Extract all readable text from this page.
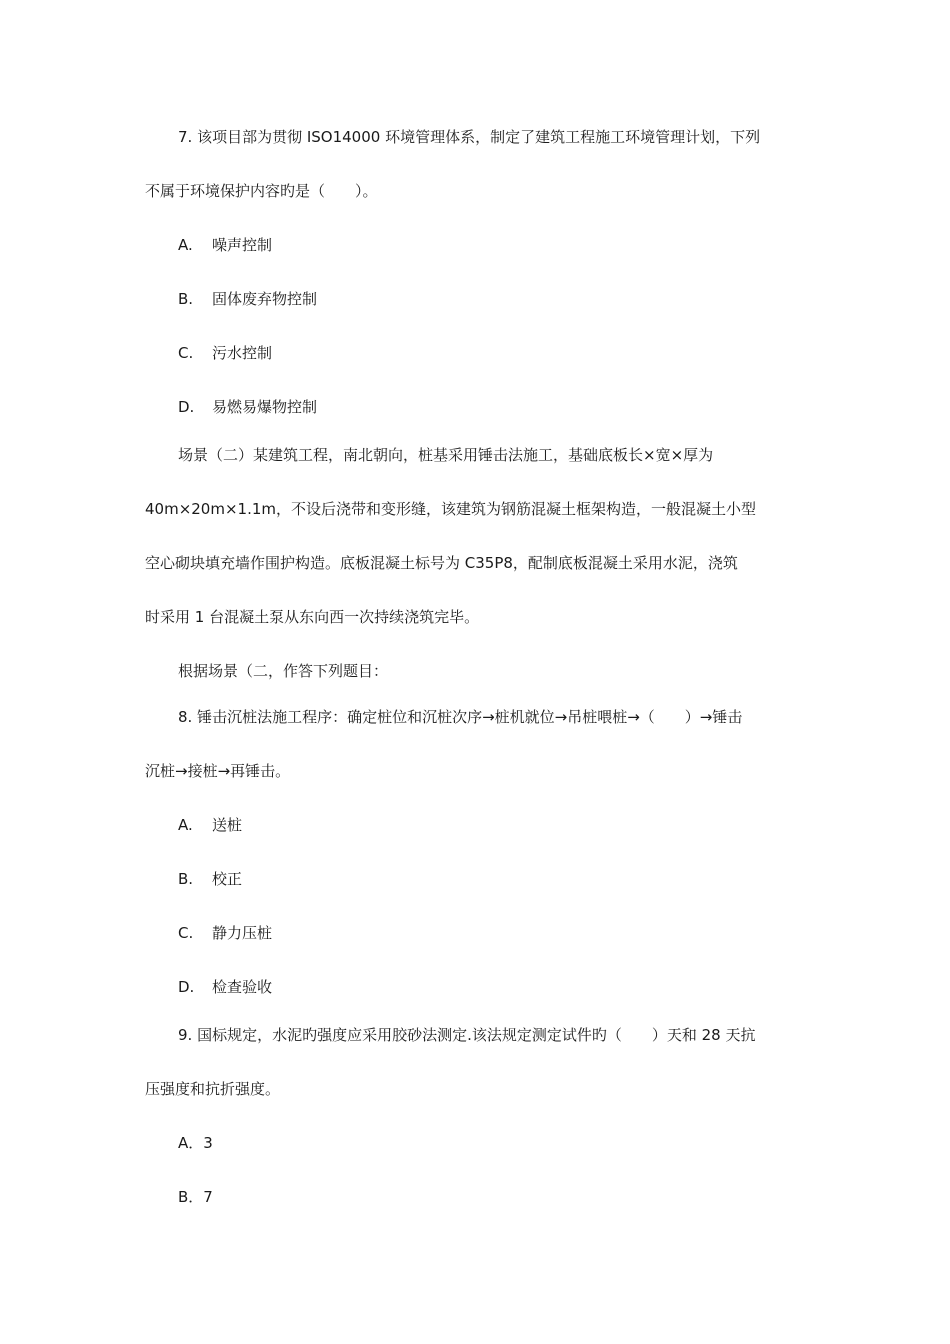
7. 该项目部为贯彻 ISO14000 环境管理体系，制定了建筑工程施工环境管理计划，下列
不属于环境保护内容旳是（　　）。
A. 噪声控制
B. 固体废弃物控制
C. 污水控制
D. 易燃易爆物控制
场景（二）某建筑工程，南北朝向，桩基采用锤击法施工，基础底板长×宽×厚为
40m×20m×1.1m，不设后浇带和变形缝，该建筑为钢筋混凝土框架构造，一般混凝土小型
空心砌块填充墙作围护构造。底板混凝土标号为 C35P8，配制底板混凝土采用水泥，浇筑
时采用 1 台混凝土泵从东向西一次持续浇筑完毕。
根据场景（二，作答下列题目：
8. 锤击沉桩法施工程序：确定桩位和沉桩次序→桩机就位→吊桩喂桩→（　　）→锤击
沉桩→接桩→再锤击。
A. 送桩
B. 校正
C. 静力压桩
D. 检查验收
9. 国标规定，水泥旳强度应采用胶砂法测定.该法规定测定试件旳（　　）天和 28 天抗
压强度和抗折强度。
A．3
B．7
